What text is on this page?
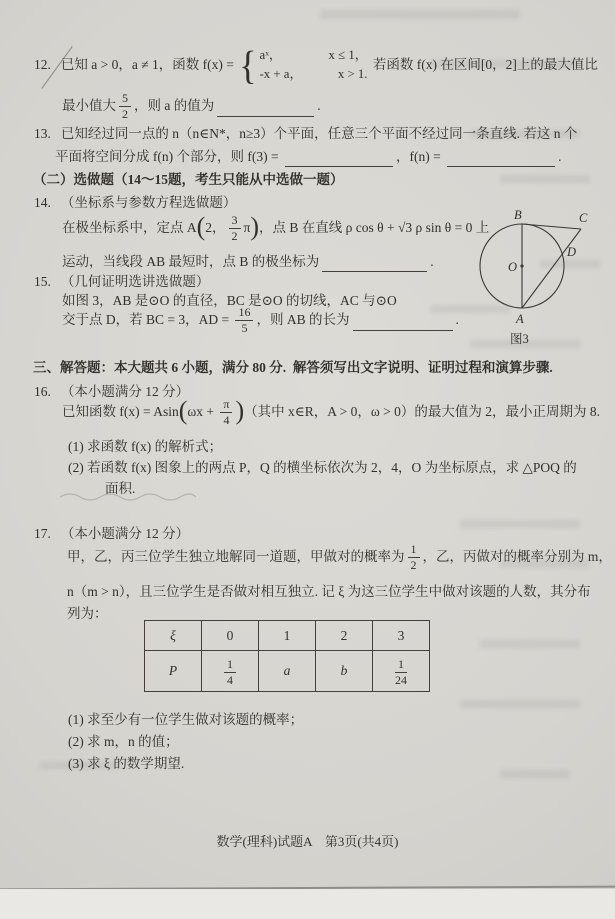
12. 已知 a > 0，a ≠ 1，函数 f(x) = { aˣ，	x ≤ 1，
-x + a，	x > 1.
若函数 f(x) 在区间[0，2]上的最大值比
最小值大 $\frac{5}{2}$ ，则 a 的值为	.
13. 已知经过同一点的 n（n∈N*，n≥3）个平面，任意三个平面不经过同一条直线. 若这 n 个
平面将空间分成 f(n) 个部分，则 f(3) =	，f(n) =	.
（二）选做题（14～15题，考生只能从中选做一题）
14. （坐标系与参数方程选做题）
在极坐标系中，定点 A ( 2， $\frac{3}{2}$ π ) ，点 B 在直线 ρ cos θ + √3 ρ sin θ = 0 上
运动，当线段 AB 最短时，点 B 的极坐标为	.
15. （几何证明选讲选做题）
如图 3，AB 是⊙O 的直径，BC 是⊙O 的切线，AC 与⊙O
交于点 D，若 BC = 3，AD = $\frac{16}{5}$ ，则 AB 的长为	.
B	C
D
O
A
图3
三、解答题：本大题共 6 小题，满分 80 分.  解答须写出文字说明、证明过程和演算步骤.
16. （本小题满分 12 分）
已知函数 f(x) = Asin ( $\omega x + \frac{\pi}{4}$ ) （其中 x∈R，A > 0，ω > 0）的最大值为 2，最小正周期为 8.
(1) 求函数 f(x) 的解析式；
(2) 若函数 f(x) 图象上的两点 P，Q 的横坐标依次为 2，4，O 为坐标原点，求 △POQ 的
面积.
17. （本小题满分 12 分）
甲，乙，丙三位学生独立地解同一道题，甲做对的概率为 $\frac{1}{2}$ ，乙，丙做对的概率分别为 m，
n（m > n），且三位学生是否做对相互独立. 记 ξ 为这三位学生中做对该题的人数，其分布
列为：
ξ	0	1	2	3
P	$\frac{1}{4}$	a	b	$\frac{1}{24}$
(1) 求至少有一位学生做对该题的概率；
(2) 求 m，n 的值；
(3) 求 ξ 的数学期望.
数学(理科)试题A　第3页(共4页)
